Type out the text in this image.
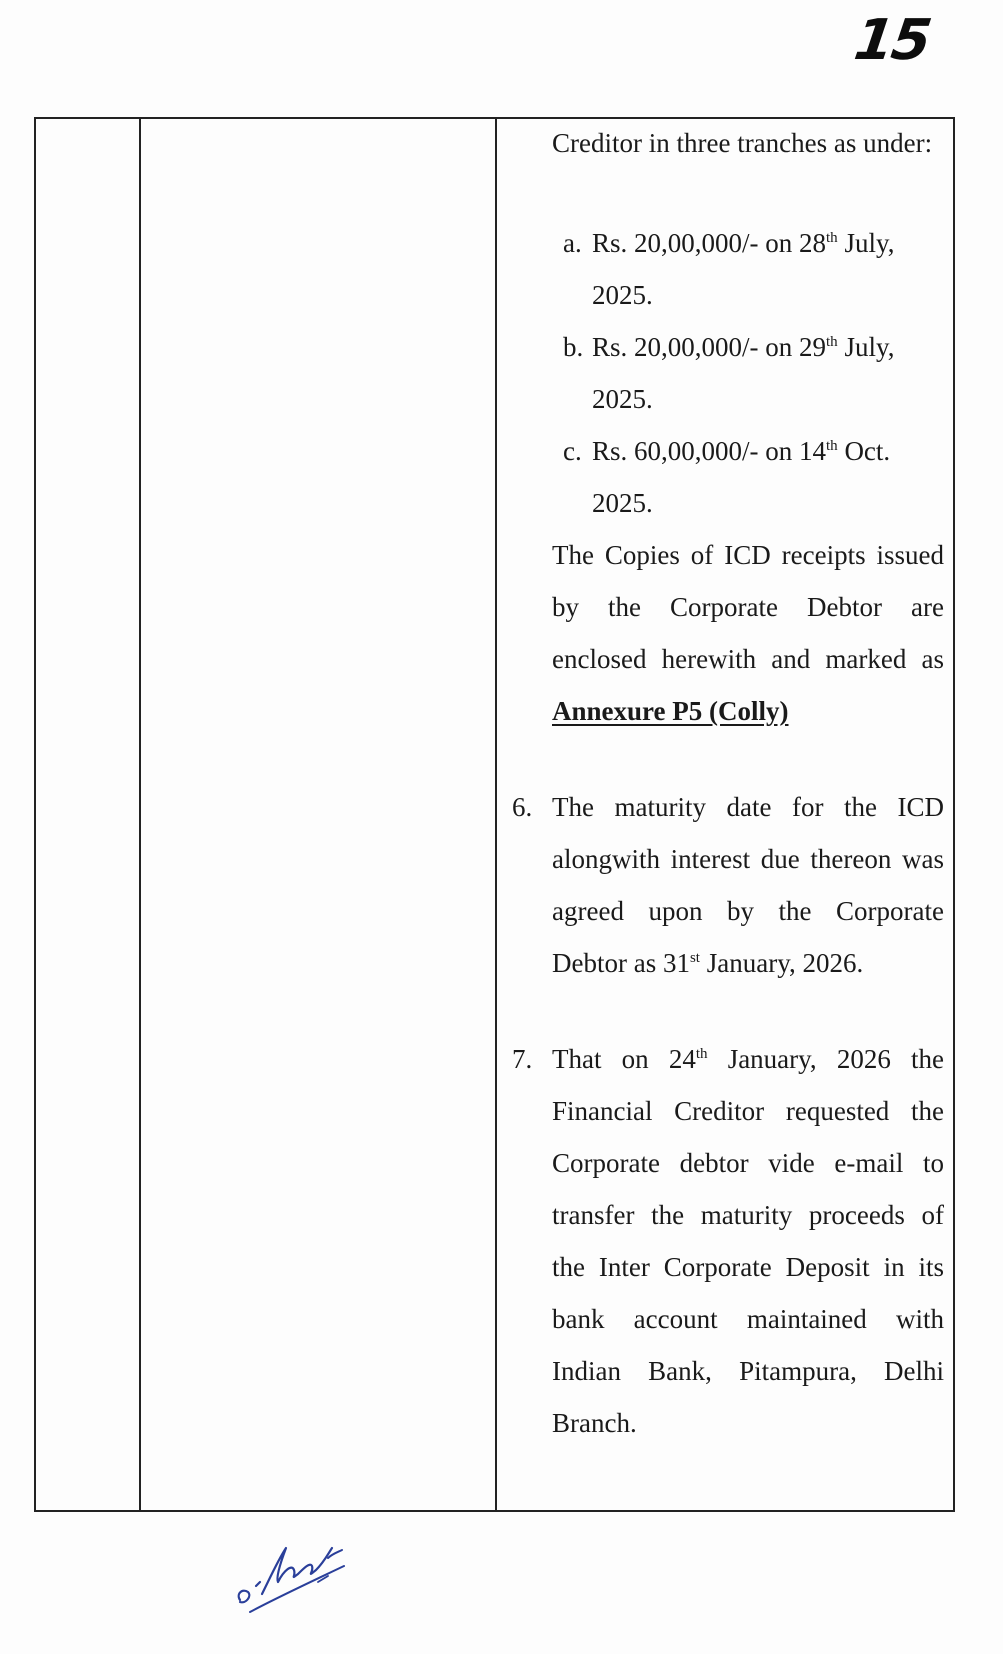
15

Creditor in three tranches as under:

a. Rs. 20,00,000/- on 28th July,
2025.
b. Rs. 20,00,000/- on 29th July,
2025.
c. Rs. 60,00,000/- on 14th Oct.
2025.

The Copies of ICD receipts issued by the Corporate Debtor are enclosed herewith and marked as Annexure P5 (Colly)

6. The maturity date for the ICD alongwith interest due thereon was agreed upon by the Corporate Debtor as 31st January, 2026.
7. That on 24th January, 2026 the Financial Creditor requested the Corporate debtor vide e-mail to transfer the maturity proceeds of the Inter Corporate Deposit in its bank account maintained with Indian Bank, Pitampura, Delhi Branch.
